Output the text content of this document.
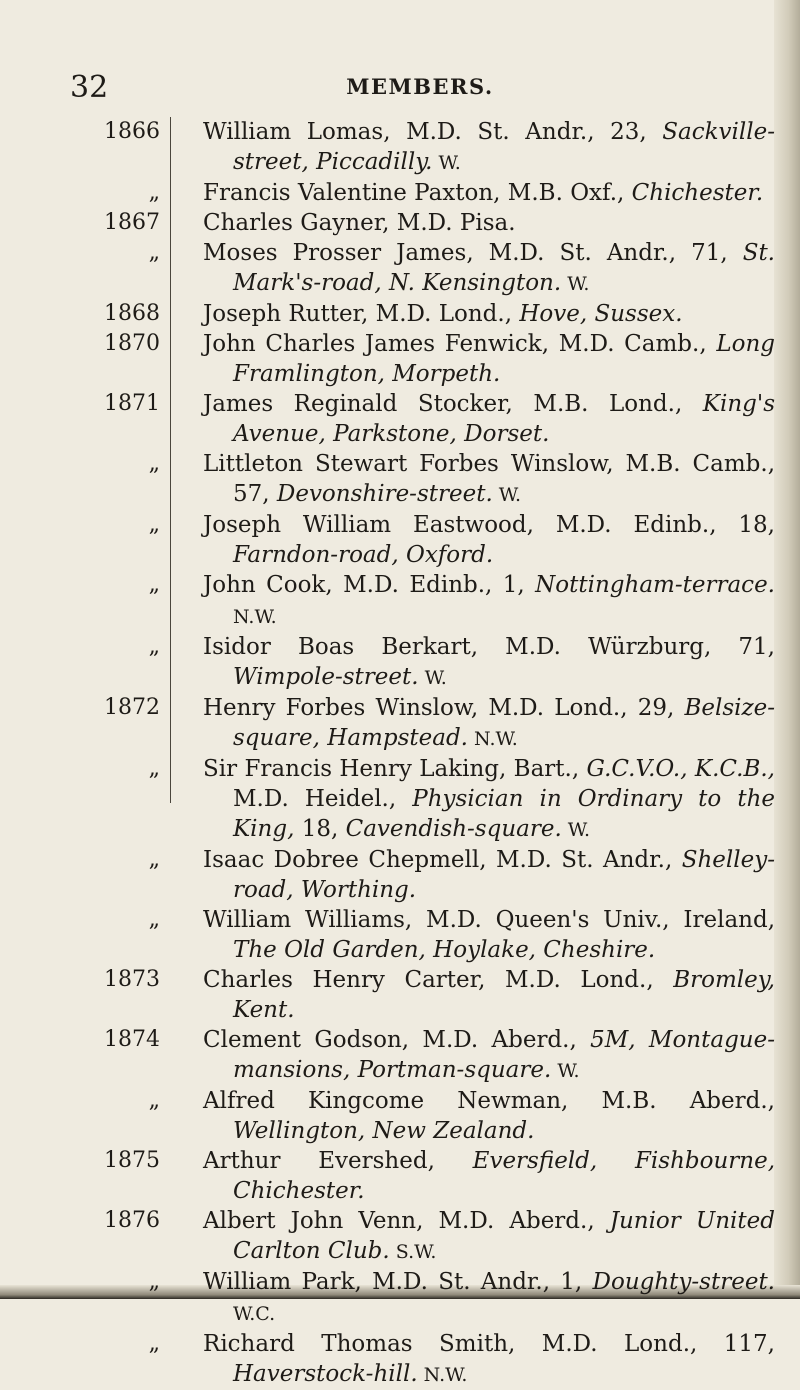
32	MEMBERS.
1866 William Lomas, M.D. St. Andr., 23, Sackville-street, Piccadilly. W.

„ Francis Valentine Paxton, M.B. Oxf., Chichester.

1867 Charles Gayner, M.D. Pisa.

„ Moses Prosser James, M.D. St. Andr., 71, St. Mark's-road, N. Kensington. W.

1868 Joseph Rutter, M.D. Lond., Hove, Sussex.

1870 John Charles James Fenwick, M.D. Camb., Long Framlington, Morpeth.

1871 James Reginald Stocker, M.B. Lond., King's Avenue, Parkstone, Dorset.

„ Littleton Stewart Forbes Winslow, M.B. Camb., 57, Devonshire-street. W.

„ Joseph William Eastwood, M.D. Edinb., 18, Farndon-road, Oxford.

„ John Cook, M.D. Edinb., 1, Nottingham-terrace. N.W.

„ Isidor Boas Berkart, M.D. Würzburg, 71, Wimpole-street. W.

1872 Henry Forbes Winslow, M.D. Lond., 29, Belsize-square, Hampstead. N.W.

„ Sir Francis Henry Laking, Bart., G.C.V.O., K.C.B., M.D. Heidel., Physician in Ordinary to the King, 18, Cavendish-square. W.

„ Isaac Dobree Chepmell, M.D. St. Andr., Shelley-road, Worthing.

„ William Williams, M.D. Queen's Univ., Ireland, The Old Garden, Hoylake, Cheshire.

1873 Charles Henry Carter, M.D. Lond., Bromley, Kent.

1874 Clement Godson, M.D. Aberd., 5M, Montague-mansions, Portman-square. W.

„ Alfred Kingcome Newman, M.B. Aberd., Wellington, New Zealand.

1875 Arthur Evershed, Eversfield, Fishbourne, Chichester.

1876 Albert John Venn, M.D. Aberd., Junior United Carlton Club. S.W.

„ William Park, M.D. St. Andr., 1, Doughty-street. W.C.

„ Richard Thomas Smith, M.D. Lond., 117, Haverstock-hill. N.W.
